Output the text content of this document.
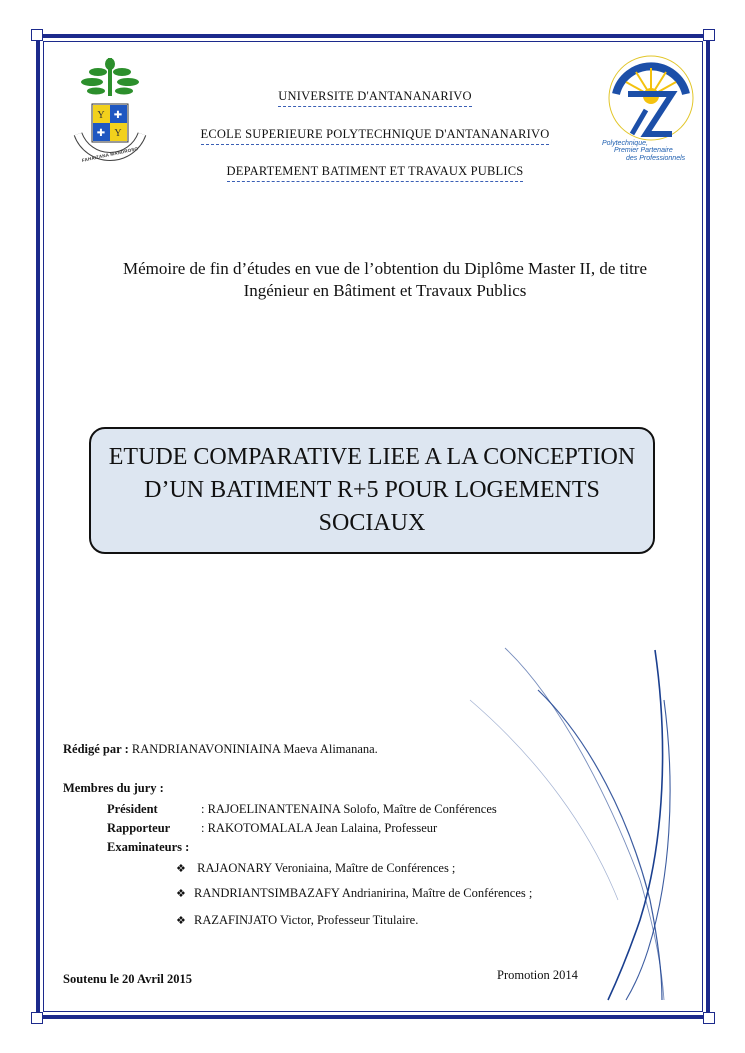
Y ✚
✚ Y
FAHAIZANA MANDROSO
Polytechnique,
Premier Partenaire
des Professionnels
UNIVERSITE D'ANTANANARIVO
ECOLE SUPERIEURE POLYTECHNIQUE D'ANTANANARIVO
DEPARTEMENT BATIMENT ET TRAVAUX PUBLICS
Mémoire de fin d’études en vue de l’obtention du Diplôme Master II, de titre Ingénieur en Bâtiment et Travaux Publics
ETUDE COMPARATIVE LIEE A LA CONCEPTION D’UN BATIMENT R+5 POUR LOGEMENTS SOCIAUX
Rédigé par : RANDRIANAVONINIAINA Maeva Alimanana.
Membres du jury :
Président	: RAJOELINANTENAINA Solofo, Maître de Conférences
Rapporteur : RAKOTOMALALA Jean Lalaina, Professeur
Examinateurs :
❖ RAJAONARY Veroniaina, Maître de Conférences ;
❖ RANDRIANTSIMBAZAFY Andrianirina, Maître de Conférences ;
❖ RAZAFINJATO Victor, Professeur Titulaire.
Soutenu le 20 Avril 2015	Promotion 2014
